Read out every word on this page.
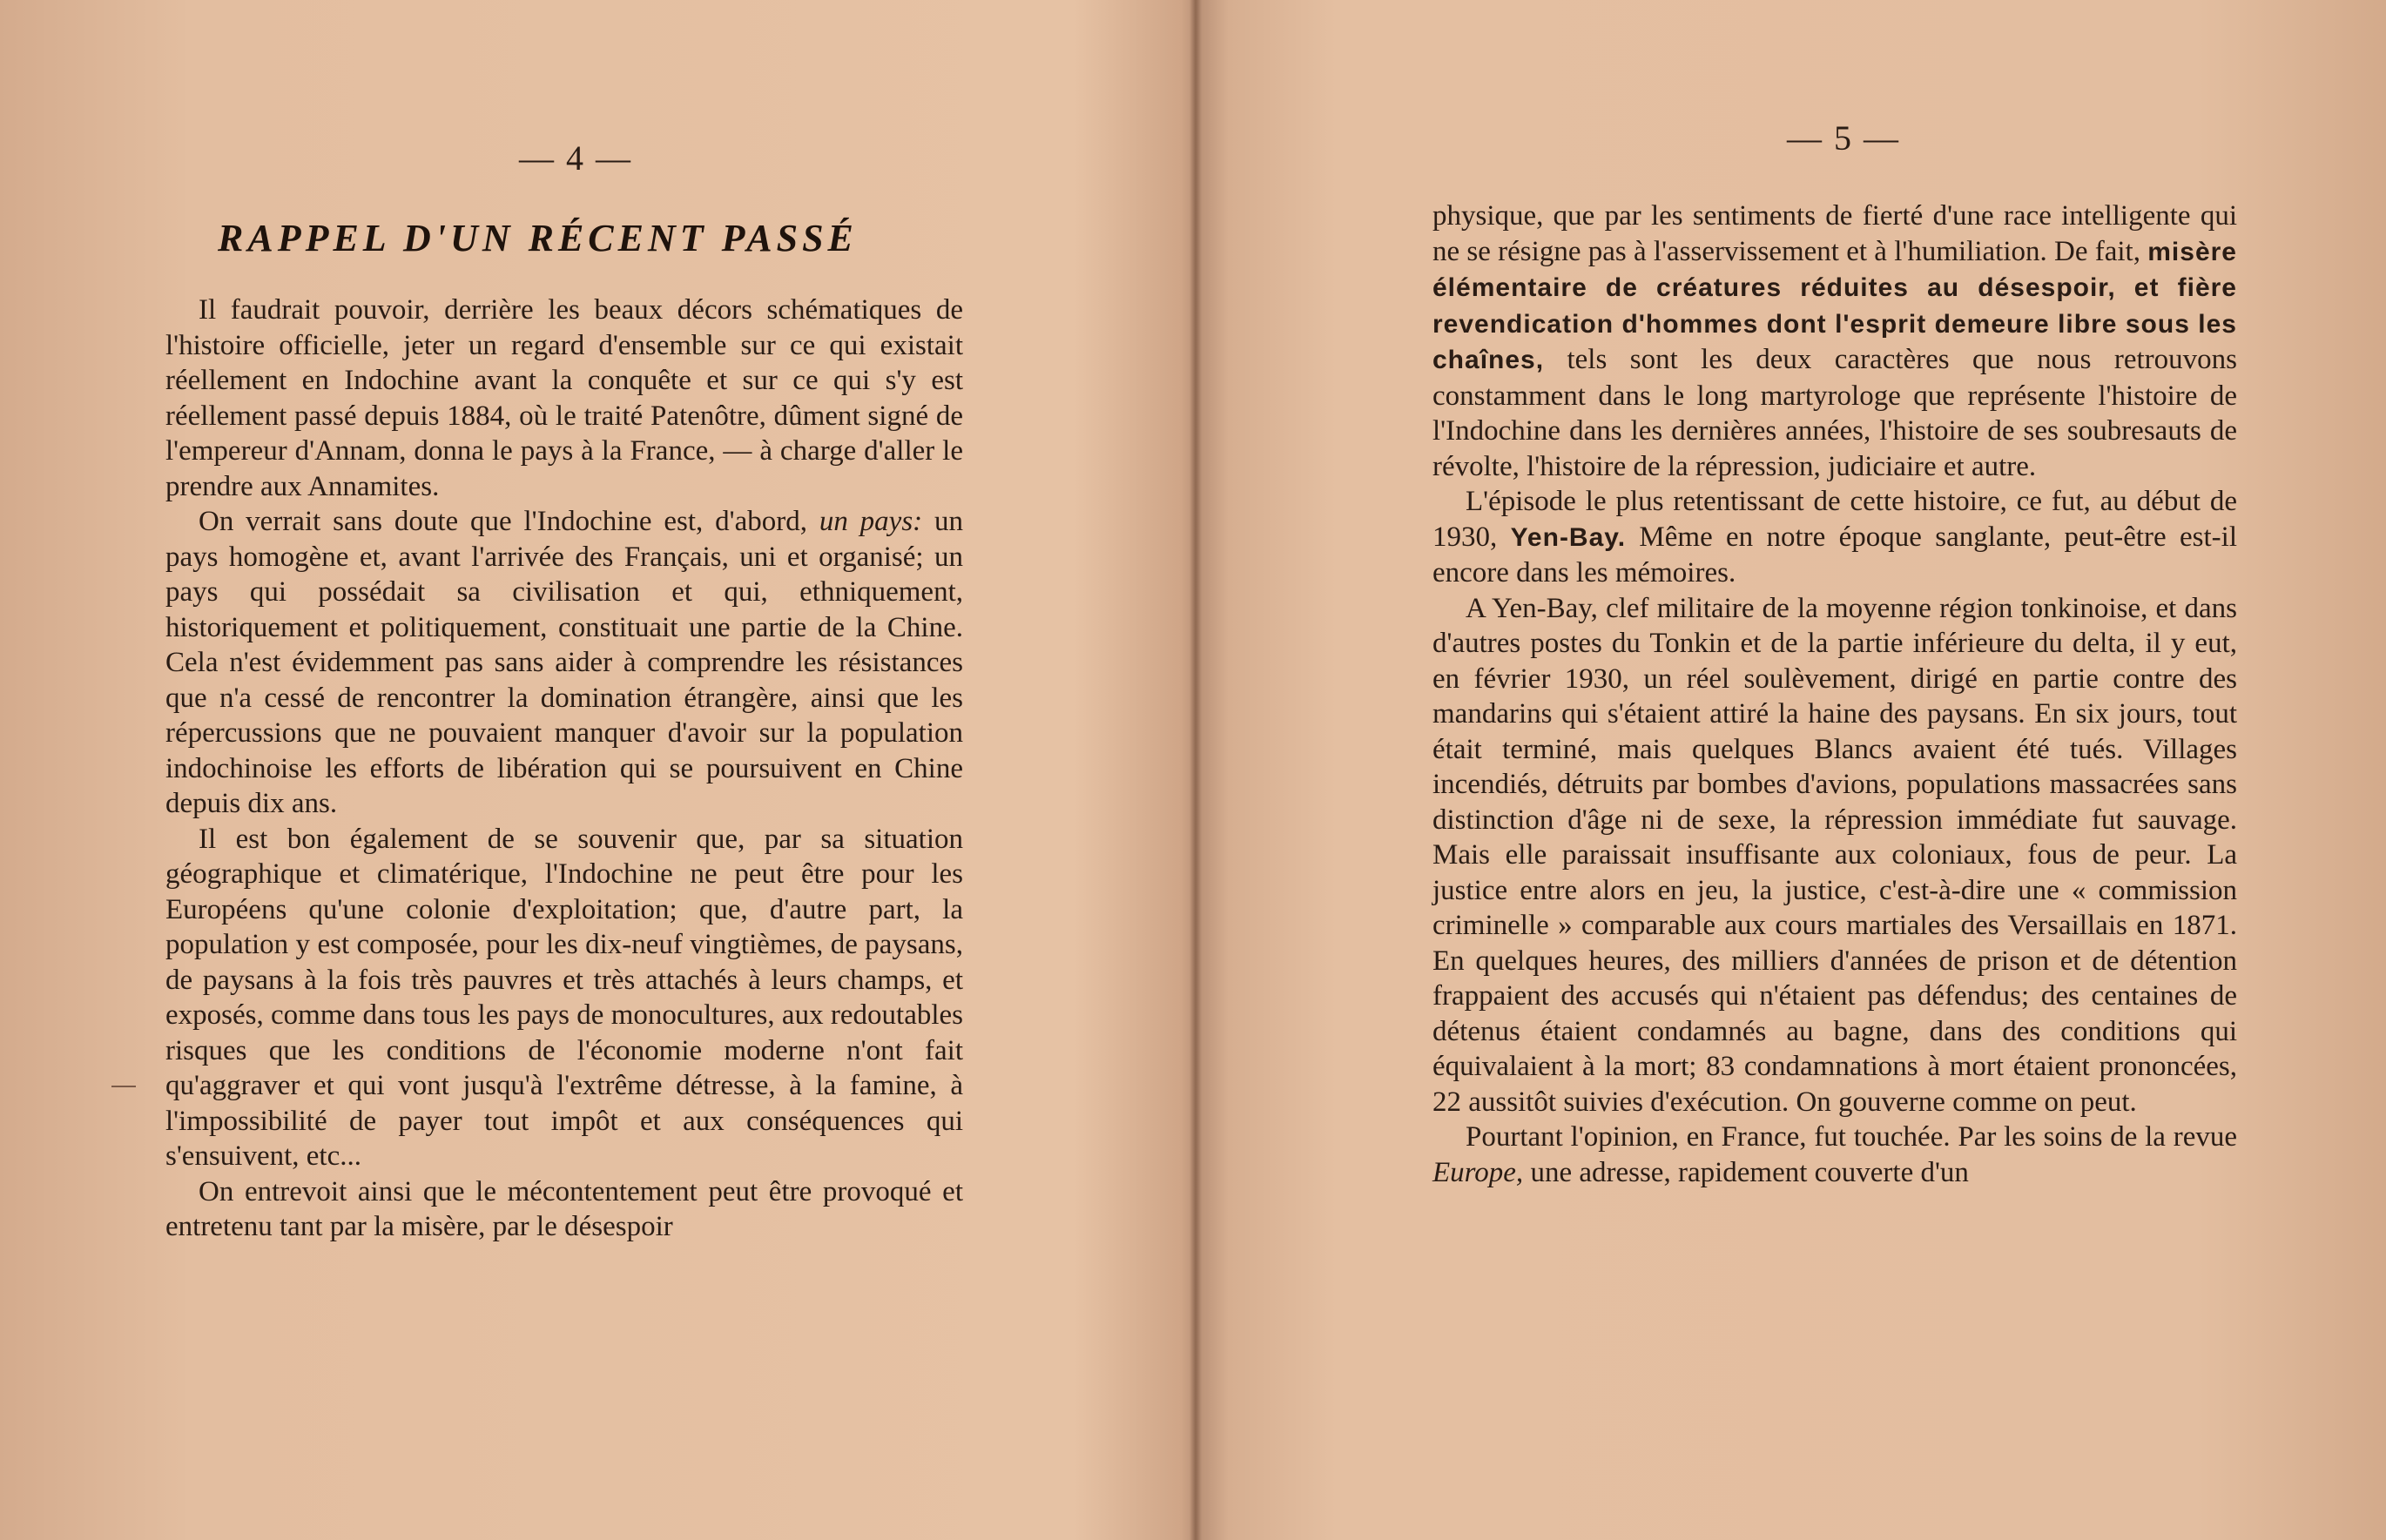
— 4 —
RAPPEL D'UN RÉCENT PASSÉ

Il faudrait pouvoir, derrière les beaux décors schématiques de l'histoire officielle, jeter un regard d'ensemble sur ce qui existait réellement en Indochine avant la conquête et sur ce qui s'y est réellement passé depuis 1884, où le traité Patenôtre, dûment signé de l'empereur d'Annam, donna le pays à la France, — à charge d'aller le prendre aux Annamites.

On verrait sans doute que l'Indochine est, d'abord, un pays: un pays homogène et, avant l'arrivée des Français, uni et organisé; un pays qui possédait sa civilisation et qui, ethniquement, historiquement et politiquement, constituait une partie de la Chine. Cela n'est évidemment pas sans aider à comprendre les résistances que n'a cessé de rencontrer la domination étrangère, ainsi que les répercussions que ne pouvaient manquer d'avoir sur la population indochinoise les efforts de libération qui se poursuivent en Chine depuis dix ans.

Il est bon également de se souvenir que, par sa situation géographique et climatérique, l'Indochine ne peut être pour les Européens qu'une colonie d'exploitation; que, d'autre part, la population y est composée, pour les dix-neuf vingtièmes, de paysans, de paysans à la fois très pauvres et très attachés à leurs champs, et exposés, comme dans tous les pays de monocultures, aux redoutables risques que les conditions de l'économie moderne n'ont fait qu'aggraver et qui vont jusqu'à l'extrême détresse, à la famine, à l'impossibilité de payer tout impôt et aux conséquences qui s'ensuivent, etc...

On entrevoit ainsi que le mécontentement peut être provoqué et entretenu tant par la misère, par le désespoir

— 5 —

physique, que par les sentiments de fierté d'une race intelligente qui ne se résigne pas à l'asservissement et à l'humiliation. De fait, misère élémentaire de créatures réduites au désespoir, et fière revendication d'hommes dont l'esprit demeure libre sous les chaînes, tels sont les deux caractères que nous retrouvons constamment dans le long martyrologe que représente l'histoire de l'Indochine dans les dernières années, l'histoire de ses soubresauts de révolte, l'histoire de la répression, judiciaire et autre.

L'épisode le plus retentissant de cette histoire, ce fut, au début de 1930, Yen-Bay. Même en notre époque sanglante, peut-être est-il encore dans les mémoires.

A Yen-Bay, clef militaire de la moyenne région tonkinoise, et dans d'autres postes du Tonkin et de la partie inférieure du delta, il y eut, en février 1930, un réel soulèvement, dirigé en partie contre des mandarins qui s'étaient attiré la haine des paysans. En six jours, tout était terminé, mais quelques Blancs avaient été tués. Villages incendiés, détruits par bombes d'avions, populations massacrées sans distinction d'âge ni de sexe, la répression immédiate fut sauvage. Mais elle paraissait insuffisante aux coloniaux, fous de peur. La justice entre alors en jeu, la justice, c'est-à-dire une « commission criminelle » comparable aux cours martiales des Versaillais en 1871. En quelques heures, des milliers d'années de prison et de détention frappaient des accusés qui n'étaient pas défendus; des centaines de détenus étaient condamnés au bagne, dans des conditions qui équivalaient à la mort; 83 condamnations à mort étaient prononcées, 22 aussitôt suivies d'exécution. On gouverne comme on peut.

Pourtant l'opinion, en France, fut touchée. Par les soins de la revue Europe, une adresse, rapidement couverte d'un
